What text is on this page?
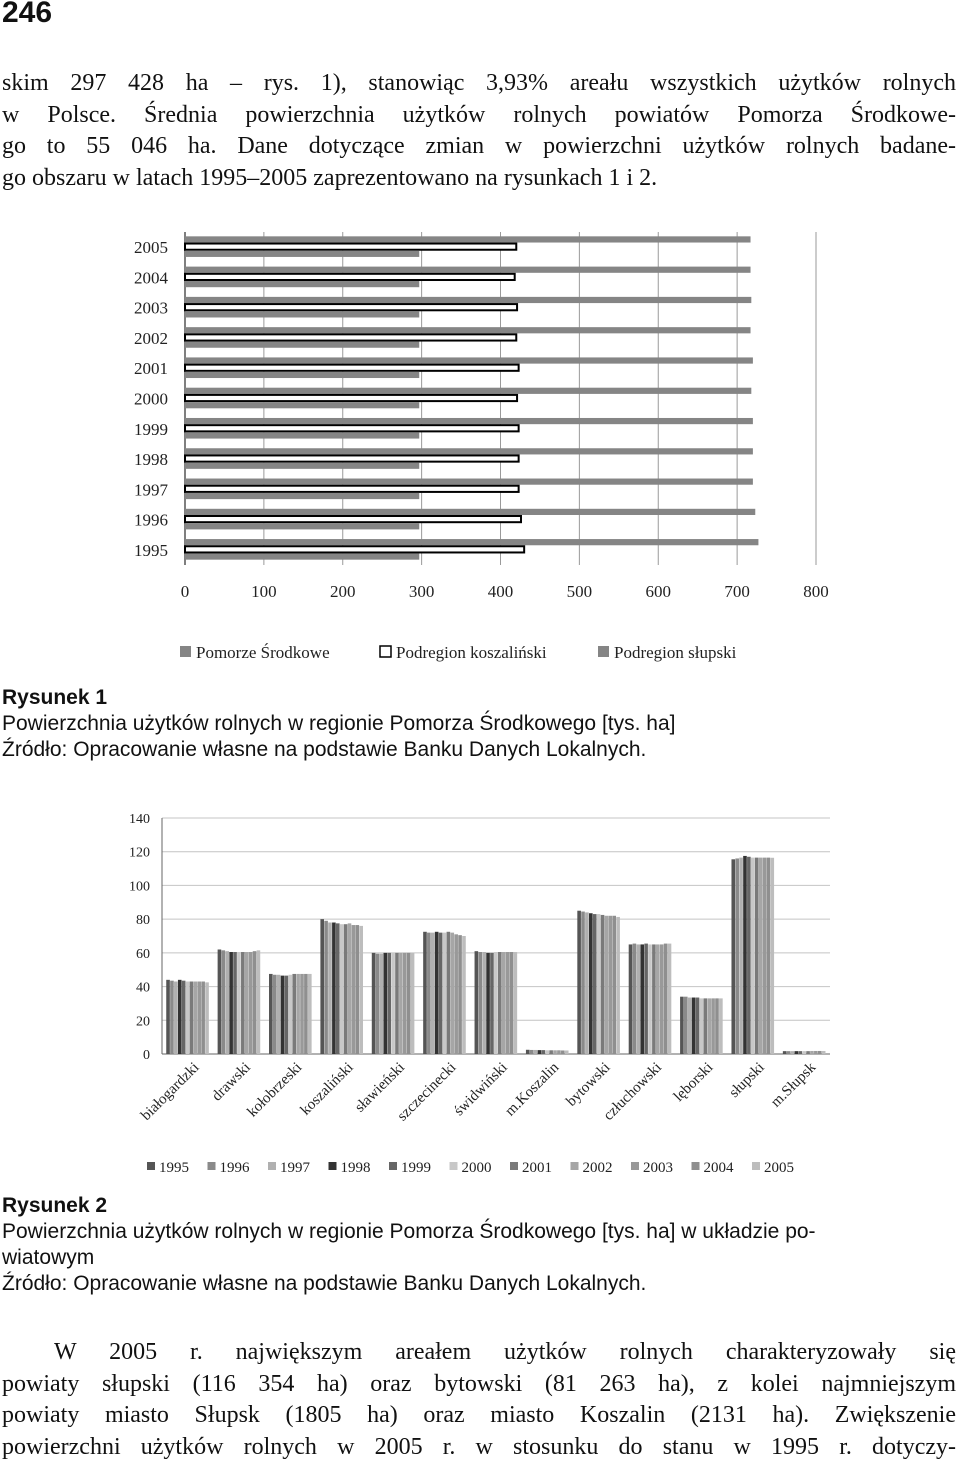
246
skim 297 428 ha – rys. 1), stanowiąc 3,93% areału wszystkich użytków rolnych
w Polsce. Średnia powierzchnia użytków rolnych powiatów Pomorza Środkowe-
go to 55 046 ha. Dane dotyczące zmian w powierzchni użytków rolnych badane-
go obszaru w latach 1995–2005 zaprezentowano na rysunkach 1 i 2.
0	100	200	300	400	500	600	700	800
1995
1996
1997
1998
1999
2000
2001
2002
2003
2004
2005
Pomorze Środkowe	Podregion koszaliński	Podregion słupski
Rysunek 1
Powierzchnia użytków rolnych w regionie Pomorza Środkowego [tys. ha]
Źródło: Opracowanie własne na podstawie Banku Danych Lokalnych.
0
20
40
60
80
100
120
140
białogardzki drawski
kołobrzeski
koszaliński
sławieński
szczecinecki
świdwiński
m.Koszalin bytowski
człuchowski lęborski słupski m.Słupsk
1995 1996 1997 1998 1999 2000 2001 2002 2003 2004 2005
Rysunek 2
Powierzchnia użytków rolnych w regionie Pomorza Środkowego [tys. ha] w układzie po-
wiatowym
Źródło: Opracowanie własne na podstawie Banku Danych Lokalnych.
W 2005 r. największym areałem użytków rolnych charakteryzowały się
powiaty słupski (116 354 ha) oraz bytowski (81 263 ha), z kolei najmniejszym
powiaty miasto Słupsk (1805 ha) oraz miasto Koszalin (2131 ha). Zwiększenie
powierzchni użytków rolnych w 2005 r. w stosunku do stanu w 1995 r. dotyczy-
